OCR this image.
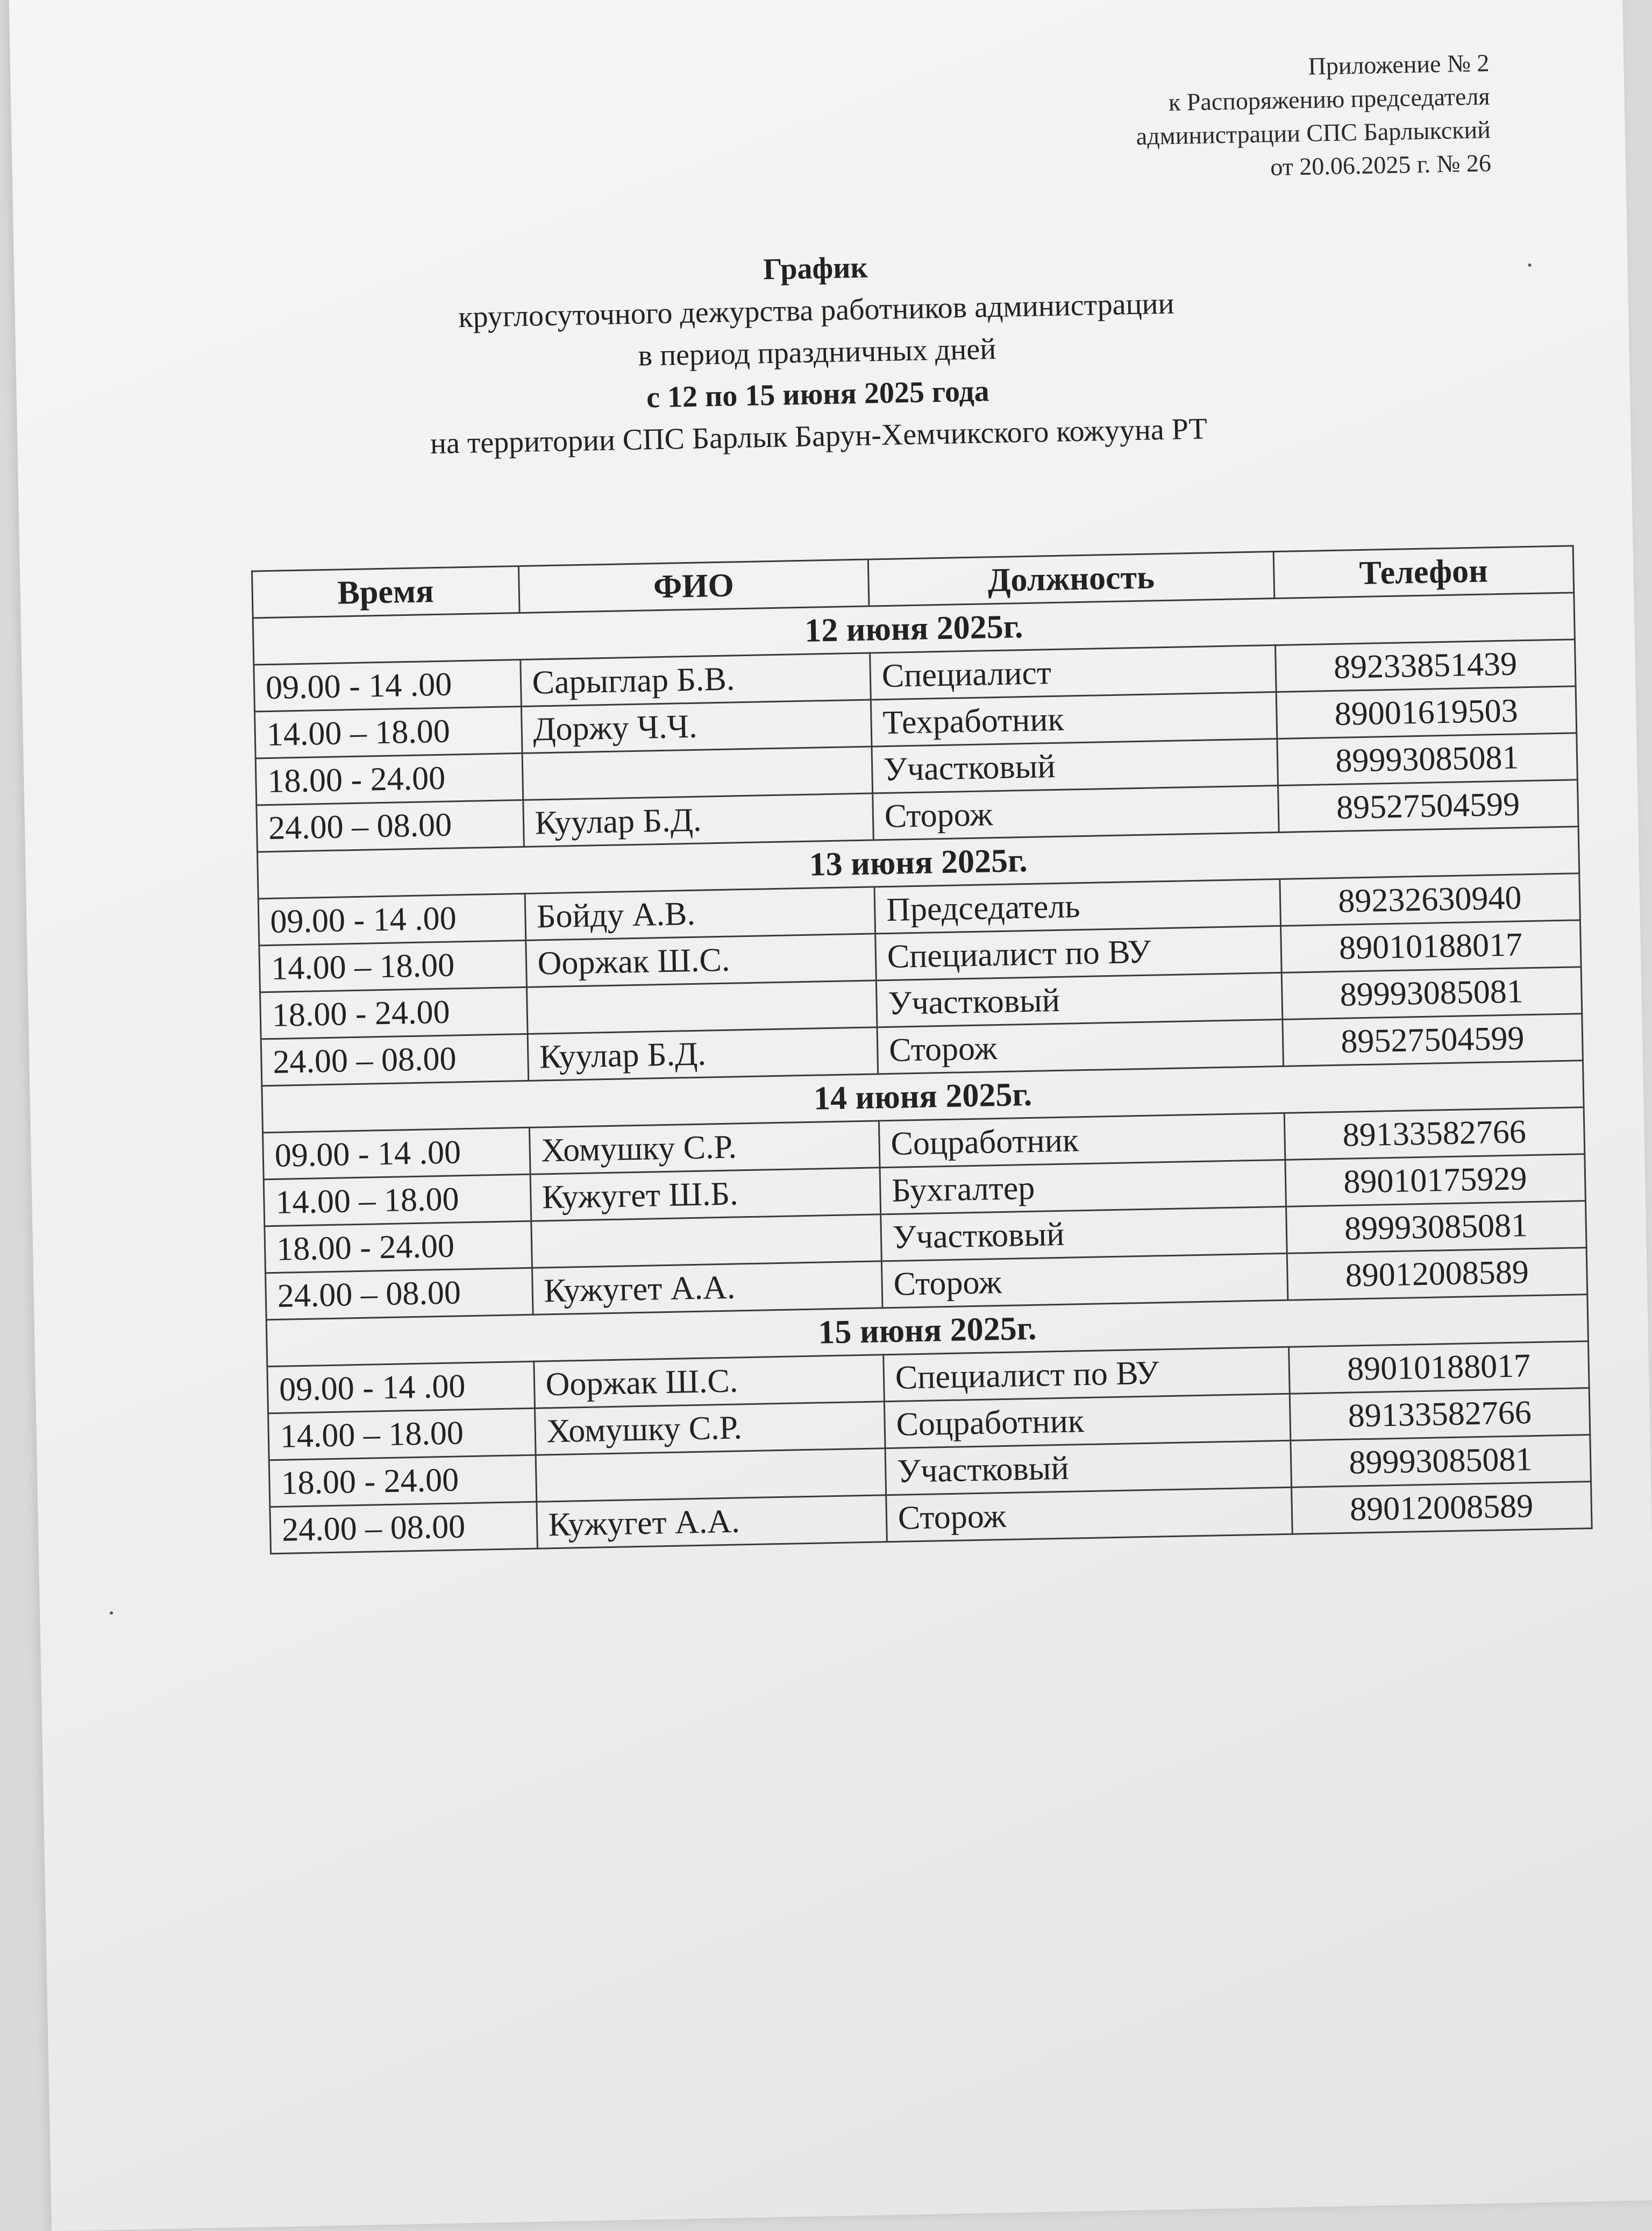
Приложение № 2
к Распоряжению председателя
администрации СПС Барлыкский
от 20.06.2025 г. № 26
График
круглосуточного дежурства работников администрации
в период праздничных дней
с 12 по 15 июня 2025 года
на территории СПС Барлык Барун-Хемчикского кожууна РТ
Время	ФИО	Должность	Телефон
12 июня 2025г.			
09.00 - 14 .00	Сарыглар Б.В.	Специалист	89233851439
14.00 – 18.00	Доржу Ч.Ч.	Техработник	89001619503
18.00 - 24.00		Участковый	89993085081
24.00 – 08.00	Куулар Б.Д.	Сторож	89527504599
13 июня 2025г.			
09.00 - 14 .00	Бойду А.В.	Председатель	89232630940
14.00 – 18.00	Ооржак Ш.С.	Специалист по ВУ	89010188017
18.00 - 24.00		Участковый	89993085081
24.00 – 08.00	Куулар Б.Д.	Сторож	89527504599
14 июня 2025г.			
09.00 - 14 .00	Хомушку С.Р.	Соцработник	89133582766
14.00 – 18.00	Кужугет Ш.Б.	Бухгалтер	89010175929
18.00 - 24.00		Участковый	89993085081
24.00 – 08.00	Кужугет А.А.	Сторож	89012008589
15 июня 2025г.			
09.00 - 14 .00	Ооржак Ш.С.	Специалист по ВУ	89010188017
14.00 – 18.00	Хомушку С.Р.	Соцработник	89133582766
18.00 - 24.00		Участковый	89993085081
24.00 – 08.00	Кужугет А.А.	Сторож	89012008589
